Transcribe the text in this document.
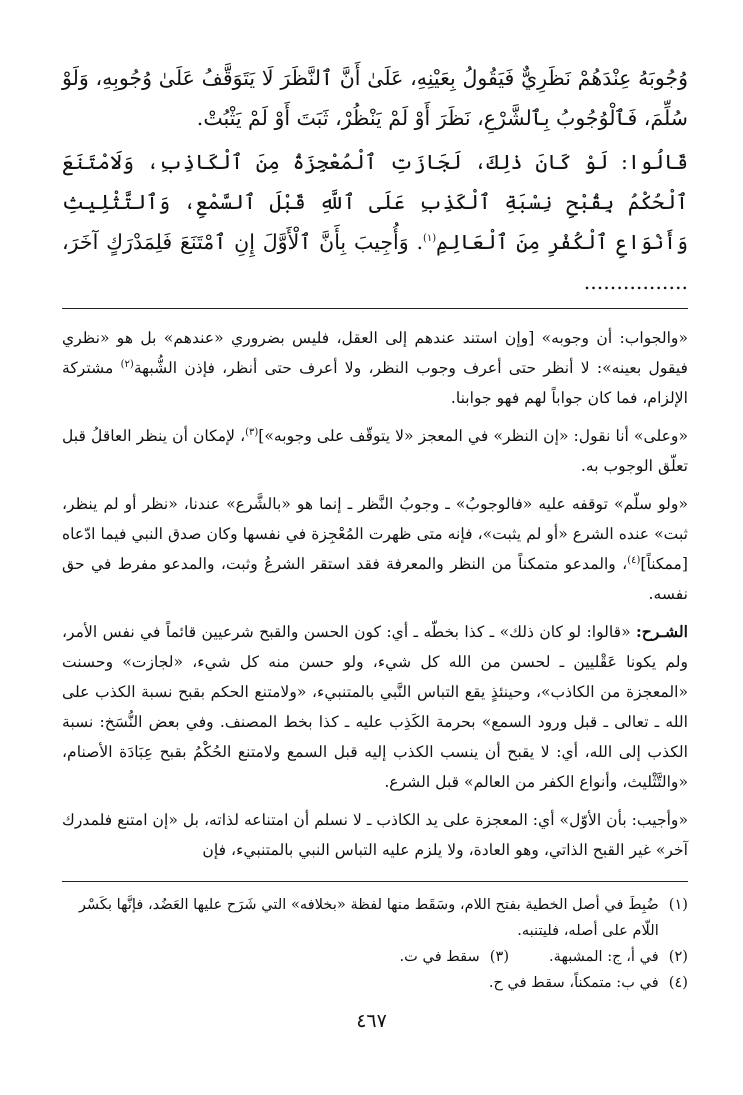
وُجُوبَهُ عِنْدَهُمْ نَظَرِيٌّ فَيَقُولُ بِعَيْنِهِ، عَلَىٰ أَنَّ ٱلنَّظَرَ لَا يَتَوَقَّفُ عَلَىٰ وُجُوبِهِ، وَلَوْ سُلِّمَ، فَٱلْوُجُوبُ بِٱلشَّرْعِ، نَظَرَ أَوْ لَمْ يَنْظُرْ، ثَبَتَ أَوْ لَمْ يَثْبُتْ.

قَالُوا: لَوْ كَانَ ذٰلِكَ، لَجَازَتِ ٱلْمُعْجِزَةُ مِنَ ٱلْكَاذِبِ، وَلَامْتَنَعَ ٱلْحُكْمُ بِقُبْحِ نِسْبَةِ ٱلْكَذِبِ عَلَى ٱللَّهِ قَبْلَ ٱلسَّمْعِ، وَٱلتَّثْلِيثِ وَأَنْوَاعِ ٱلْكُفْرِ مِنَ ٱلْعَالِمِ$^{(١)}$. وَأُجِيبَ بِأَنَّ ٱلْأَوَّلَ إِنِ ٱمْتَنَعَ فَلِمَدْرَكٍ آخَرَ، ................

«والجواب: أن وجوبه» [وإن استند عندهم إلى العقل، فليس بضروري «عندهم» بل هو «نظري فيقول بعينه»: لا أنظر حتى أعرف وجوب النظر، ولا أعرف حتى أنظر، فإذن الشُّبهة$^{(٢)}$ مشتركة الإلزام، فما كان جواباً لهم فهو جوابنا.

«وعلى» أنا نقول: «إن النظر» في المعجز «لا يتوقّف على وجوبه»]$^{(٣)}$، لإمكان أن ينظر العاقلُ قبل تعلّق الوجوب به.

«ولو سلّم» توقفه عليه «فالوجوبُ» ـ وجوبُ النَّظر ـ إنما هو «بالشَّرع» عندنا، «نظر أو لم ينظر، ثبت» عنده الشرع «أو لم يثبت»، فإنه متى ظهرت المُعْجِزة في نفسها وكان صدق النبي فيما ادّعاه [ممكناً]$^{(٤)}$، والمدعو متمكناً من النظر والمعرفة فقد استقر الشرعُ وثبت، والمدعو مفرط في حق نفسه.

الشـرح: «قالوا: لو كان ذلك» ـ كذا بخطّه ـ أي: كون الحسن والقبح شرعيين قائماً في نفس الأمر، ولم يكونا عَقْليين ـ لحسن من الله كل شيء، ولو حسن منه كل شيء، «لجازت» وحسنت «المعجزة من الكاذب»، وحينئذٍ يقع التباس النَّبي بالمتنبيء، «ولامتنع الحكم بقبح نسبة الكذب على الله ـ تعالى ـ قبل ورود السمع» بحرمة الكَذِب عليه ـ كذا بخط المصنف. وفي بعض النُّسَخ: نسبة الكذب إلى الله، أي: لا يقبح أن ينسب الكذب إليه قبل السمع ولامتنع الحُكْمُ بقبح عِبَادَة الأصنام، «والتَّثْليث، وأنواع الكفر من العالم» قبل الشرع.

«وأجيب: بأن الأوّل» أي: المعجزة على يد الكاذب ـ لا نسلم أن امتناعه لذاته، بل «إن امتنع فلمدرك آخر» غير القبح الذاتي، وهو العادة، ولا يلزم عليه التباس النبي بالمتنبيء، فإن

(١)
ضُبِطَ في أصل الخطية بفتح اللام، وسَقَط منها لفظة «بخلافه» التي شَرَح عليها العَضُد، فإنَّها بكَسْر اللّام على أصله، فليتنبه.
(٢)
في أ، ج: المشبهة.
(٣)
سقط في ت.
(٤)
في ب: متمكناً، سقط في ح.
٤٦٧
